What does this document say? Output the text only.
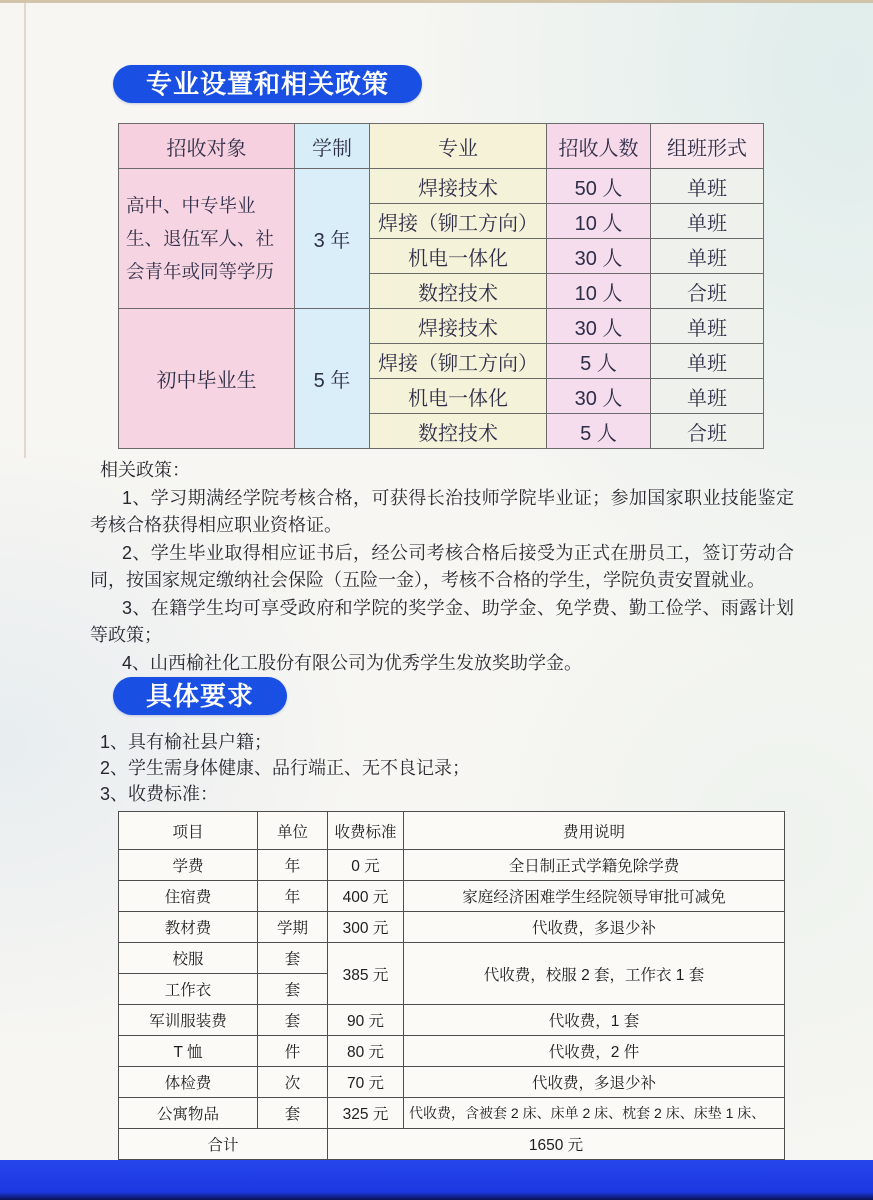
专业设置和相关政策
招收对象	学制	专业	招收人数	组班形式
高中、中专毕业生、退伍军人、社会青年或同等学历	3 年	焊接技术	50 人	单班
		焊接（铆工方向）	10 人	单班
		机电一体化	30 人	单班
		数控技术	10 人	合班
初中毕业生	5 年	焊接技术	30 人	单班
		焊接（铆工方向）	5 人	单班
		机电一体化	30 人	单班
		数控技术	5 人	合班

相关政策：

1、学习期满经学院考核合格，可获得长治技师学院毕业证；参加国家职业技能鉴定考核合格获得相应职业资格证。

2、学生毕业取得相应证书后，经公司考核合格后接受为正式在册员工，签订劳动合同，按国家规定缴纳社会保险（五险一金），考核不合格的学生，学院负责安置就业。

3、在籍学生均可享受政府和学院的奖学金、助学金、免学费、勤工俭学、雨露计划等政策；

4、山西榆社化工股份有限公司为优秀学生发放奖助学金。

具体要求

1、具有榆社县户籍；

2、学生需身体健康、品行端正、无不良记录；

3、收费标准：

项目	单位	收费标准	费用说明
学费	年	0 元	全日制正式学籍免除学费
住宿费	年	400 元	家庭经济困难学生经院领导审批可减免
教材费	学期	300 元	代收费，多退少补
校服	套	385 元	代收费，校服 2 套，工作衣 1 套
工作衣	套		
军训服装费	套	90 元	代收费，1 套
T 恤	件	80 元	代收费，2 件
体检费	次	70 元	代收费，多退少补
公寓物品	套	325 元	代收费，含被套 2 床、床单 2 床、枕套 2 床、床垫 1 床、
合计		1650 元	
